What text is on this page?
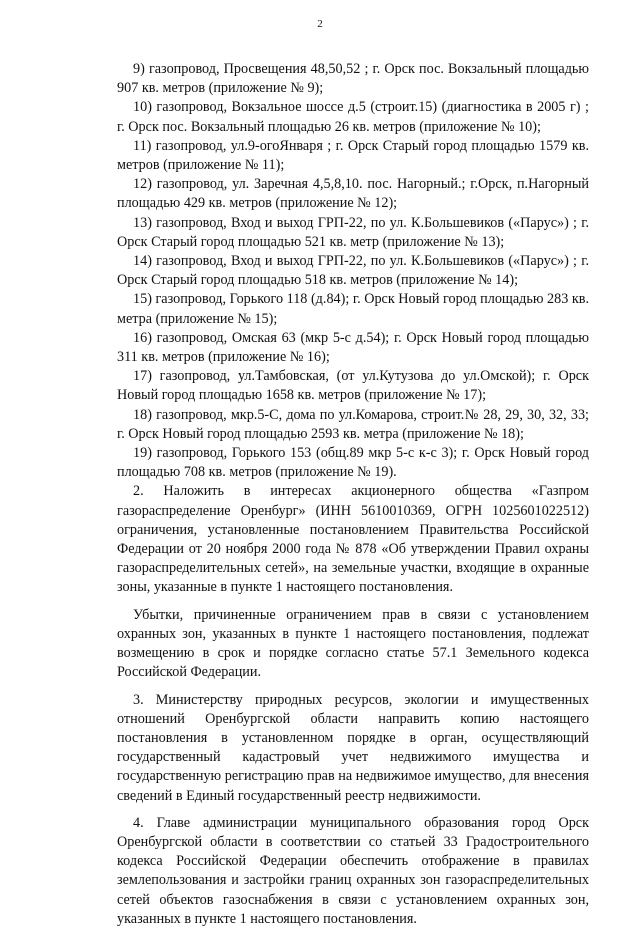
2

9) газопровод, Просвещения 48,50,52 ; г. Орск пос. Вокзальный площадью 907 кв. метров (приложение № 9);

10) газопровод, Вокзальное шоссе д.5 (строит.15) (диагностика в 2005 г) ; г. Орск пос. Вокзальный площадью 26 кв. метров (приложение № 10);

11) газопровод, ул.9-огоЯнваря ; г. Орск Старый город площадью 1579 кв. метров (приложение № 11);

12) газопровод, ул. Заречная 4,5,8,10. пос. Нагорный.; г.Орск, п.Нагорный площадью 429 кв. метров (приложение № 12);

13) газопровод, Вход и выход ГРП-22, по ул. К.Большевиков («Парус») ; г. Орск Старый город площадью 521 кв. метр (приложение № 13);

14) газопровод, Вход и выход ГРП-22, по ул. К.Большевиков («Парус») ; г. Орск Старый город площадью 518 кв. метров (приложение № 14);

15) газопровод, Горького 118 (д.84); г. Орск Новый город площадью 283 кв. метра (приложение № 15);

16) газопровод, Омская 63 (мкр 5-с д.54); г. Орск Новый город площадью 311 кв. метров (приложение № 16);

17) газопровод, ул.Тамбовская, (от ул.Кутузова до ул.Омской); г. Орск Новый город площадью 1658 кв. метров (приложение № 17);

18) газопровод, мкр.5-С, дома по ул.Комарова, строит.№ 28, 29, 30, 32, 33; г. Орск Новый город площадью 2593 кв. метра (приложение № 18);

19) газопровод, Горького 153 (общ.89 мкр 5-с к-с 3); г. Орск Новый город площадью 708 кв. метров (приложение № 19).

2. Наложить в интересах акционерного общества «Газпром газораспределение Оренбург» (ИНН 5610010369, ОГРН 1025601022512) ограничения, установленные постановлением Правительства Российской Федерации от 20 ноября 2000 года № 878 «Об утверждении Правил охраны газораспределительных сетей», на земельные участки, входящие в охранные зоны, указанные в пункте 1 настоящего постановления.

Убытки, причиненные ограничением прав в связи с установлением охранных зон, указанных в пункте 1 настоящего постановления, подлежат возмещению в срок и порядке согласно статье 57.1 Земельного кодекса Российской Федерации.

3. Министерству природных ресурсов, экологии и имущественных отношений Оренбургской области направить копию настоящего постановления в установленном порядке в орган, осуществляющий государственный кадастровый учет недвижимого имущества и государственную регистрацию прав на недвижимое имущество, для внесения сведений в Единый государственный реестр недвижимости.

4. Главе администрации муниципального образования город Орск Оренбургской области в соответствии со статьей 33 Градостроительного кодекса Российской Федерации обеспечить отображение в правилах землепользования и застройки границ охранных зон газораспределительных сетей объектов газоснабжения в связи с установлением охранных зон, указанных в пункте 1 настоящего постановления.
